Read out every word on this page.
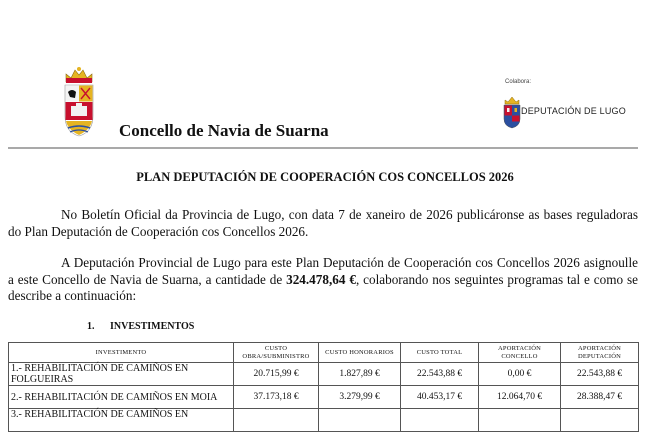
Concello de Navia de Suarna
Colabora:
DEPUTACIÓN DE LUGO
PLAN DEPUTACIÓN DE COOPERACIÓN COS CONCELLOS 2026
No Boletín Oficial da Provincia de Lugo, con data 7 de xaneiro de 2026 publicáronse as bases reguladoras do Plan Deputación de Cooperación cos Concellos 2026.
A Deputación Provincial de Lugo para este Plan Deputación de Cooperación cos Concellos 2026 asignoulle a este Concello de Navia de Suarna, a cantidade de 324.478,64 €, colaborando nos seguintes programas tal e como se describe a continuación:
1. INVESTIMENTOS
INVESTIMENTO	CUSTO OBRA/SUBMINISTRO	CUSTO HONORARIOS	CUSTO TOTAL	APORTACIÓN CONCELLO	APORTACIÓN DEPUTACIÓN
1.- REHABILITACIÓN DE CAMIÑOS EN FOLGUEIRAS	20.715,99 €	1.827,89 €	22.543,88 €	0,00 €	22.543,88 €
2.- REHABILITACIÓN DE CAMIÑOS EN MOIA	37.173,18 €	3.279,99 €	40.453,17 €	12.064,70 €	28.388,47 €
3.- REHABILITACIÓN DE CAMIÑOS EN					
